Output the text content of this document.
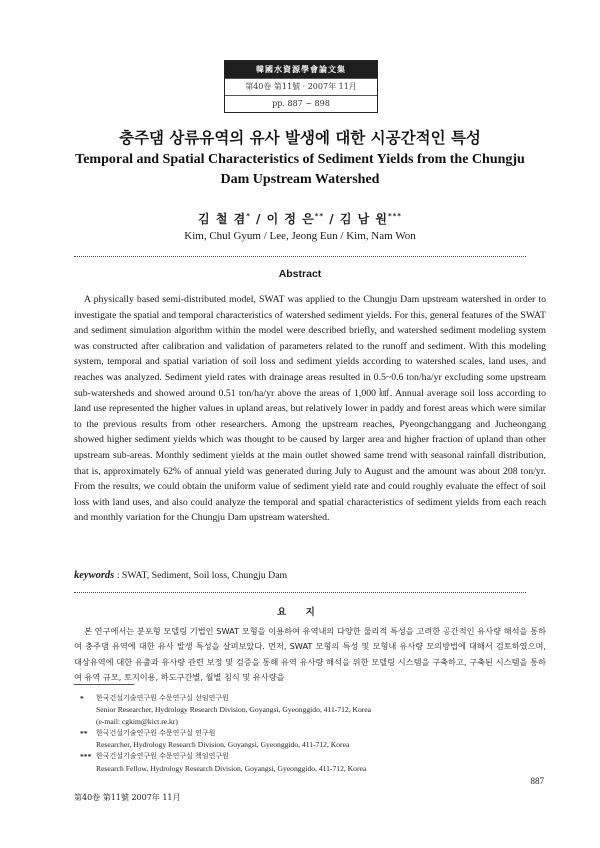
韓國水資源學會論文集
第40卷 第11號 · 2007年 11月
pp. 887 ~ 898
충주댐 상류유역의 유사 발생에 대한 시공간적인 특성
Temporal and Spatial Characteristics of Sediment Yields from the Chungju Dam Upstream Watershed
김 철 겸* / 이 정 은** / 김 남 원***
Kim, Chul Gyum / Lee, Jeong Eun / Kim, Nam Won
Abstract
A physically based semi-distributed model, SWAT was applied to the Chungju Dam upstream watershed in order to investigate the spatial and temporal characteristics of watershed sediment yields. For this, general features of the SWAT and sediment simulation algorithm within the model were described briefly, and watershed sediment modeling system was constructed after calibration and validation of parameters related to the runoff and sediment. With this modeling system, temporal and spatial variation of soil loss and sediment yields according to watershed scales, land uses, and reaches was analyzed. Sediment yield rates with drainage areas resulted in 0.5~0.6 ton/ha/yr excluding some upstream sub-watersheds and showed around 0.51 ton/ha/yr above the areas of 1,000 ㎢. Annual average soil loss according to land use represented the higher values in upland areas, but relatively lower in paddy and forest areas which were similar to the previous results from other researchers. Among the upstream reaches, Pyeongchanggang and Jucheongang showed higher sediment yields which was thought to be caused by larger area and higher fraction of upland than other upstream sub-areas. Monthly sediment yields at the main outlet showed same trend with seasonal rainfall distribution, that is, approximately 62% of annual yield was generated during July to August and the amount was about 208 ton/yr. From the results, we could obtain the uniform value of sediment yield rate and could roughly evaluate the effect of soil loss with land uses, and also could analyze the temporal and spatial characteristics of sediment yields from each reach and monthly variation for the Chungju Dam upstream watershed.
keywords : SWAT, Sediment, Soil loss, Chungju Dam
요 지
본 연구에서는 분포형 모델링 기법인 SWAT 모형을 이용하여 유역내의 다양한 물리적 특성을 고려한 공간적인 유사량 해석을 통하여 충주댐 유역에 대한 유사 발생 특성을 살펴보았다. 먼저, SWAT 모형의 특성 및 모형내 유사량 모의방법에 대해서 검토하였으며, 대상유역에 대한 유출과 유사량 관련 보정 및 검증을 통해 유역 유사량 해석을 위한 모델링 시스템을 구축하고, 구축된 시스템을 통하여 유역 규모, 토지이용, 하도구간별, 월별 침식 및 유사량을
* 한국건설기술연구원 수문연구실 선임연구원
Senior Researcher, Hydrology Research Division, Goyangsi, Gyeonggido, 411-712, Korea
(e-mail: cgkim@kict.re.kr)
** 한국건설기술연구원 수문연구실 연구원
Researcher, Hydrology Research Division, Goyangsi, Gyeonggido, 411-712, Korea
*** 한국건설기술연구원 수문연구실 책임연구원
Research Fellow, Hydrology Research Division, Goyangsi, Gyeonggido, 411-712, Korea
第40卷 第11號 2007年 11月
887
